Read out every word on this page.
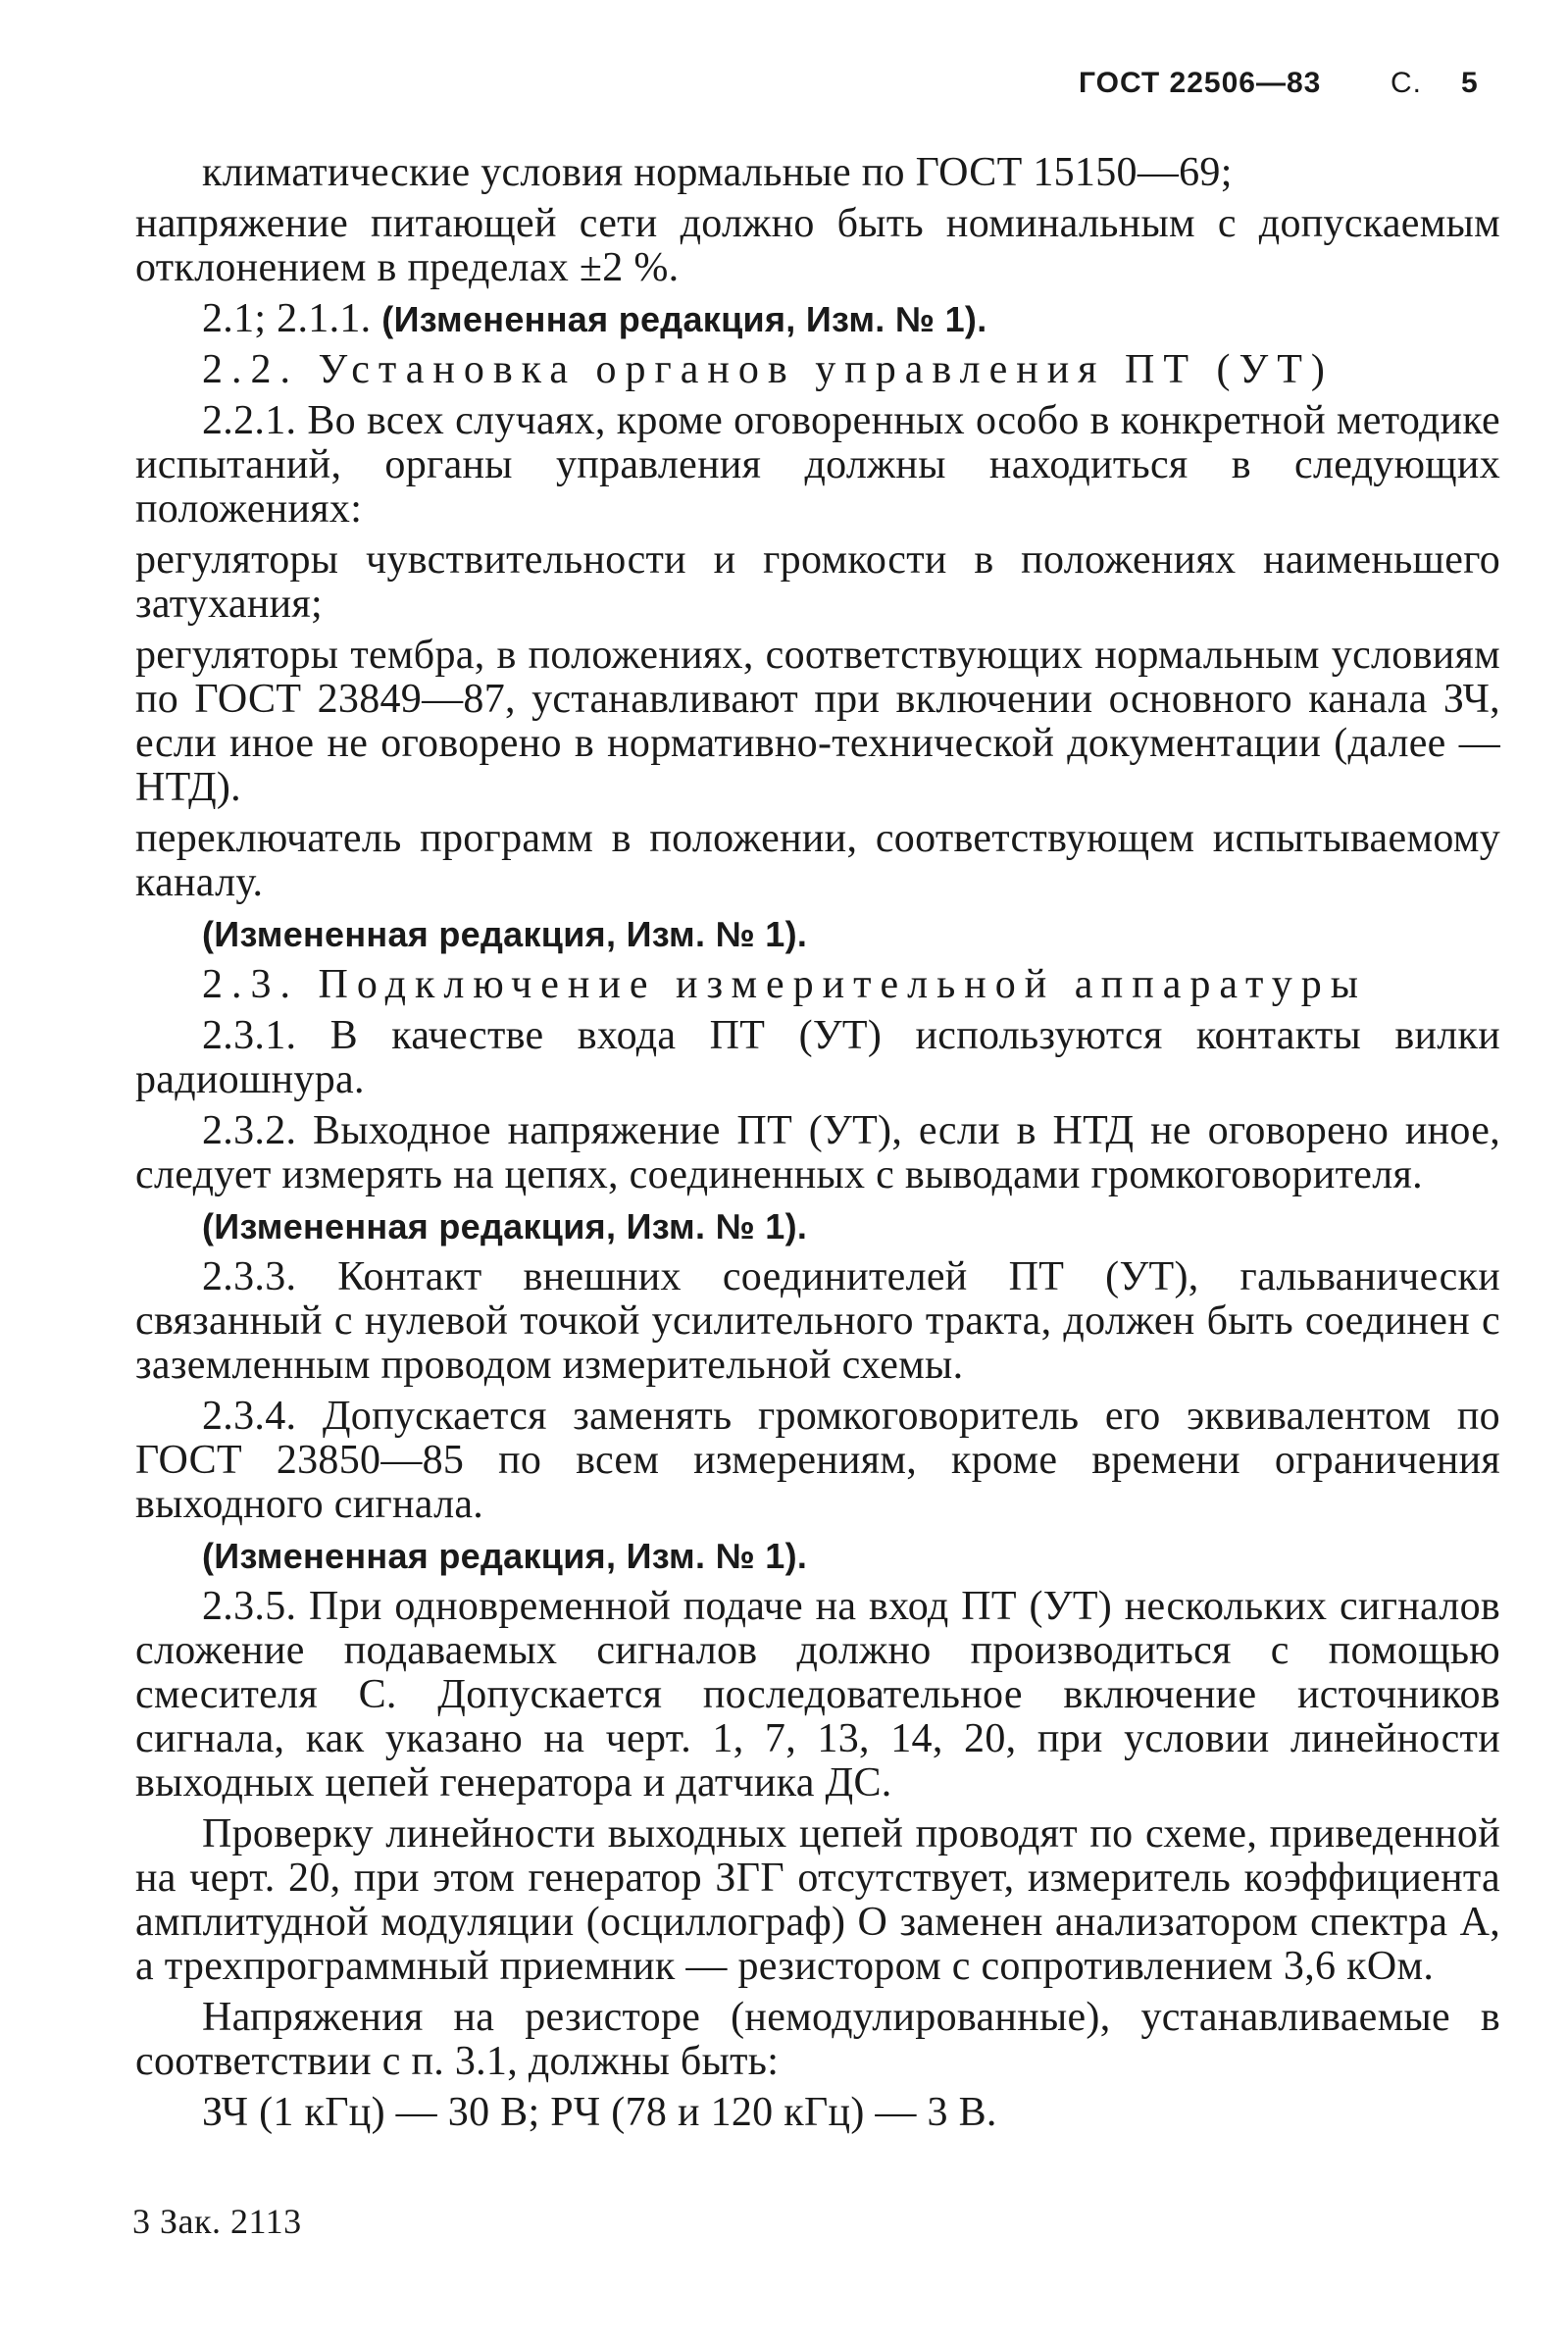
ГОСТ 22506—83 С. 5

климатические условия нормальные по ГОСТ 15150—69;

напряжение питающей сети должно быть номинальным с допускаемым отклонением в пределах ±2 %.

2.1; 2.1.1. (Измененная редакция, Изм. № 1).

2.2. Установка органов управления ПТ (УТ)

2.2.1. Во всех случаях, кроме оговоренных особо в конкретной методике испытаний, органы управления должны находиться в следующих положениях:

регуляторы чувствительности и громкости в положениях наименьшего затухания;

регуляторы тембра, в положениях, соответствующих нормальным условиям по ГОСТ 23849—87, устанавливают при включении основного канала ЗЧ, если иное не оговорено в нормативно-технической документации (далее — НТД).

переключатель программ в положении, соответствующем испытываемому каналу.

(Измененная редакция, Изм. № 1).

2.3. Подключение измерительной аппаратуры

2.3.1. В качестве входа ПТ (УТ) используются контакты вилки радиошнура.

2.3.2. Выходное напряжение ПТ (УТ), если в НТД не оговорено иное, следует измерять на цепях, соединенных с выводами громкоговорителя.

(Измененная редакция, Изм. № 1).

2.3.3. Контакт внешних соединителей ПТ (УТ), гальванически связанный с нулевой точкой усилительного тракта, должен быть соединен с заземленным проводом измерительной схемы.

2.3.4. Допускается заменять громкоговоритель его эквивалентом по ГОСТ 23850—85 по всем измерениям, кроме времени ограничения выходного сигнала.

(Измененная редакция, Изм. № 1).

2.3.5. При одновременной подаче на вход ПТ (УТ) нескольких сигналов сложение подаваемых сигналов должно производиться с помощью смесителя С. Допускается последовательное включение источников сигнала, как указано на черт. 1, 7, 13, 14, 20, при условии линейности выходных цепей генератора и датчика ДС.

Проверку линейности выходных цепей проводят по схеме, приведенной на черт. 20, при этом генератор ЗГГ отсутствует, измеритель коэффициента амплитудной модуляции (осциллограф) О заменен анализатором спектра А, а трехпрограммный приемник — резистором с сопротивлением 3,6 кОм.

Напряжения на резисторе (немодулированные), устанавливаемые в соответствии с п. 3.1, должны быть:

ЗЧ (1 кГц) — 30 В; РЧ (78 и 120 кГц) — 3 В.

3 Зак. 2113
